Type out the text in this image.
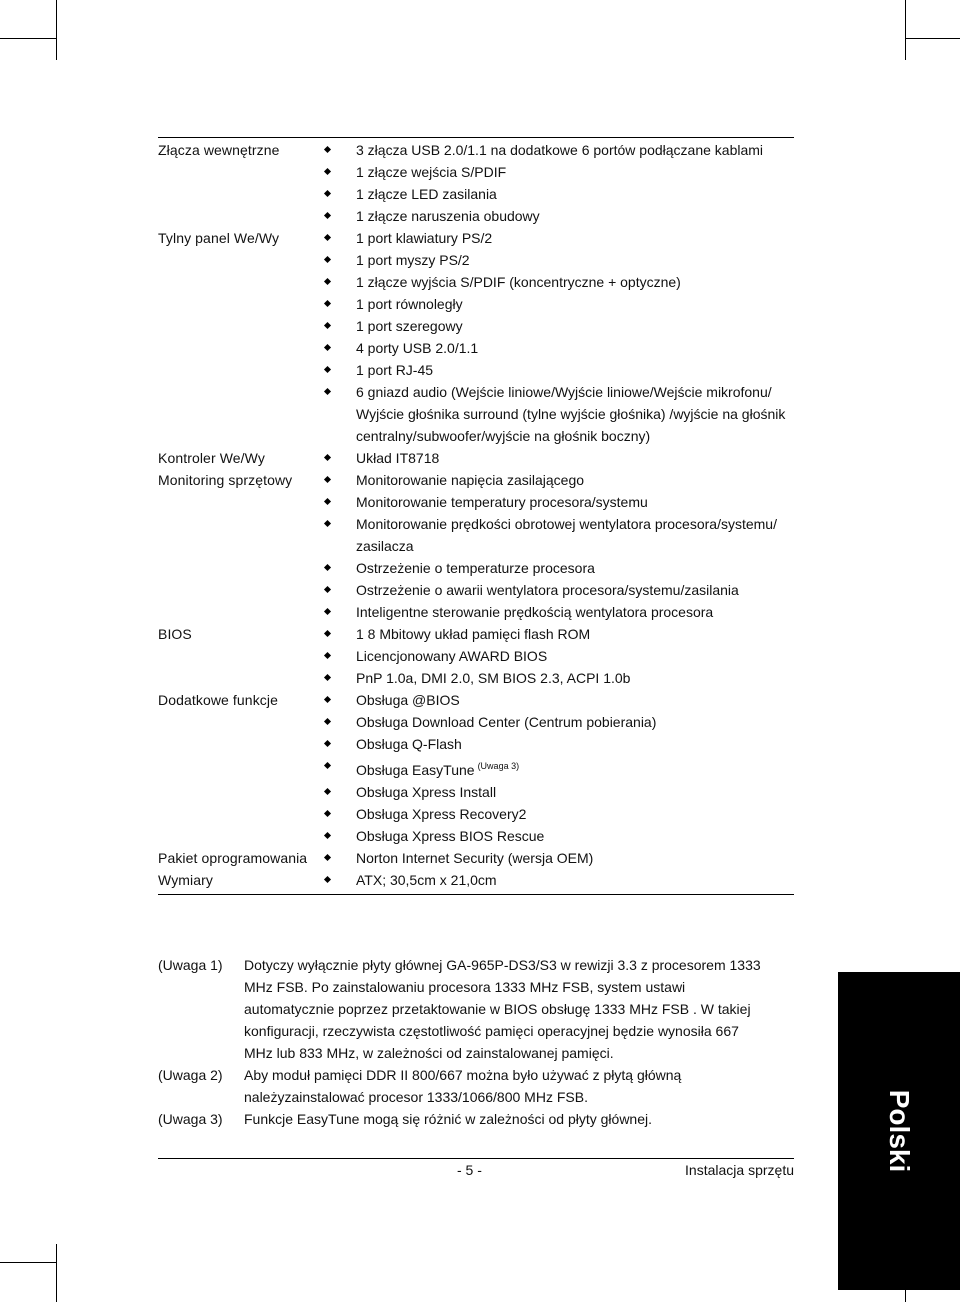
Złącza wewnętrzne	3 złącza USB 2.0/1.1 na dodatkowe 6 portów podłączane kablami
1 złącze wejścia S/PDIF
1 złącze LED zasilania
1 złącze naruszenia obudowy
Tylny panel We/Wy	1 port klawiatury PS/2
1 port myszy PS/2
1 złącze wyjścia S/PDIF (koncentryczne + optyczne)
1 port równoległy
1 port szeregowy
4 porty USB 2.0/1.1
1 port RJ-45
6 gniazd audio (Wejście liniowe/Wyjście liniowe/Wejście mikrofonu/
Wyjście głośnika surround (tylne wyjście głośnika) /wyjście na głośnik
centralny/subwoofer/wyjście na głośnik boczny)
Kontroler We/Wy	Układ IT8718
Monitoring sprzętowy	Monitorowanie napięcia zasilającego
Monitorowanie temperatury procesora/systemu
Monitorowanie prędkości obrotowej wentylatora procesora/systemu/
zasilacza
Ostrzeżenie o temperaturze procesora
Ostrzeżenie o awarii wentylatora procesora/systemu/zasilania
Inteligentne sterowanie prędkością wentylatora procesora
BIOS	1 8 Mbitowy układ pamięci flash ROM
Licencjonowany AWARD BIOS
PnP 1.0a, DMI 2.0, SM BIOS 2.3, ACPI 1.0b
Dodatkowe funkcje	Obsługa @BIOS
Obsługa Download Center (Centrum pobierania)
Obsługa Q-Flash
Obsługa EasyTune $^{(Uwaga 3)}$
Obsługa Xpress Install
Obsługa Xpress Recovery2
Obsługa Xpress BIOS Rescue
Pakiet oprogramowania	Norton Internet Security (wersja OEM)
Wymiary	ATX; 30,5cm x 21,0cm
(Uwaga 1)	Dotyczy wyłącznie płyty głównej GA-965P-DS3/S3 w rewizji 3.3 z procesorem 1333
MHz FSB. Po zainstalowaniu procesora 1333 MHz FSB, system ustawi
automatycznie poprzez przetaktowanie w BIOS obsługę 1333 MHz FSB . W takiej
konfiguracji, rzeczywista częstotliwość pamięci operacyjnej będzie wynosiła 667
MHz lub 833 MHz, w zależności od zainstalowanej pamięci.
(Uwaga 2)	Aby moduł pamięci DDR II 800/667 można było używać z płytą główną
należyzainstalować procesor 1333/1066/800 MHz FSB.
(Uwaga 3)	Funkcje EasyTune mogą się różnić w zależności od płyty głównej.
- 5 -	Instalacja sprzętu	Polski
